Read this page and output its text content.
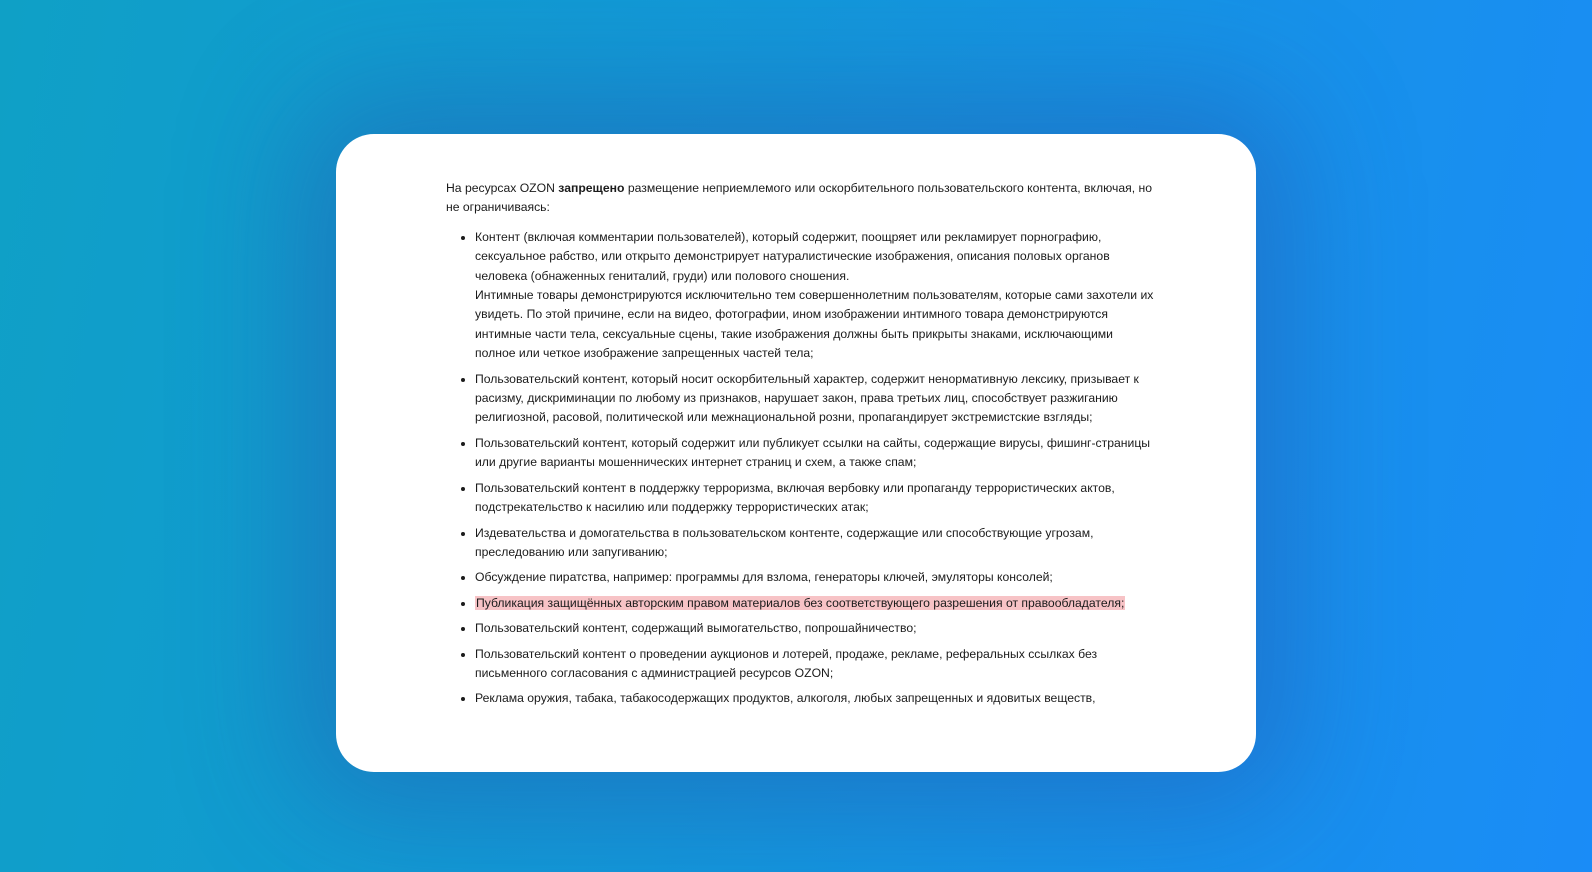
На ресурсах OZON запрещено размещение неприемлемого или оскорбительного пользовательского контента, включая, но не ограничиваясь:

• Контент (включая комментарии пользователей), который содержит, поощряет или рекламирует порнографию, сексуальное рабство, или открыто демонстрирует натуралистические изображения, описания половых органов человека (обнаженных гениталий, груди) или полового сношения.
Интимные товары демонстрируются исключительно тем совершеннолетним пользователям, которые сами захотели их увидеть. По этой причине, если на видео, фотографии, ином изображении интимного товара демонстрируются интимные части тела, сексуальные сцены, такие изображения должны быть прикрыты знаками, исключающими полное или четкое изображение запрещенных частей тела;
• Пользовательский контент, который носит оскорбительный характер, содержит ненормативную лексику, призывает к расизму, дискриминации по любому из признаков, нарушает закон, права третьих лиц, способствует разжиганию религиозной, расовой, политической или межнациональной розни, пропагандирует экстремистские взгляды;
• Пользовательский контент, который содержит или публикует ссылки на сайты, содержащие вирусы, фишинг-страницы или другие варианты мошеннических интернет страниц и схем, а также спам;
• Пользовательский контент в поддержку терроризма, включая вербовку или пропаганду террористических актов, подстрекательство к насилию или поддержку террористических атак;
• Издевательства и домогательства в пользовательском контенте, содержащие или способствующие угрозам, преследованию или запугиванию;
• Обсуждение пиратства, например: программы для взлома, генераторы ключей, эмуляторы консолей;
• Публикация защищённых авторским правом материалов без соответствующего разрешения от правообладателя;
• Пользовательский контент, содержащий вымогательство, попрошайничество;
• Пользовательский контент о проведении аукционов и лотерей, продаже, рекламе, реферальных ссылках без письменного согласования с администрацией ресурсов OZON;
• Реклама оружия, табака, табакосодержащих продуктов, алкоголя, любых запрещенных и ядовитых веществ,
